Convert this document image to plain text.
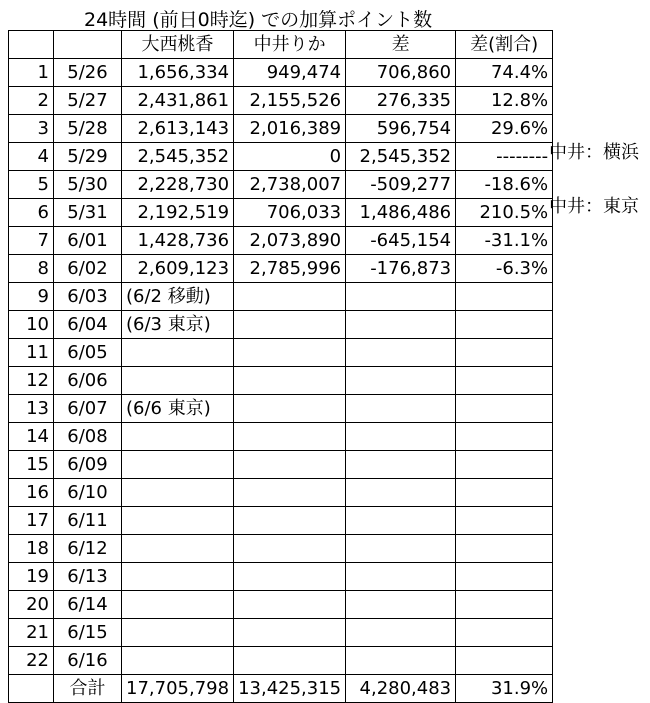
24時間 (前日0時迄) での加算ポイント数
		大西桃香	中井りか	差	差(割合)
1	5/26	1,656,334	949,474	706,860	74.4%
2	5/27	2,431,861	2,155,526	276,335	12.8%
3	5/28	2,613,143	2,016,389	596,754	29.6%
4	5/29	2,545,352	0	2,545,352	--------
5	5/30	2,228,730	2,738,007	-509,277	-18.6%
6	5/31	2,192,519	706,033	1,486,486	210.5%
7	6/01	1,428,736	2,073,890	-645,154	-31.1%
8	6/02	2,609,123	2,785,996	-176,873	-6.3%
9	6/03	(6/2 移動)			
10	6/04	(6/3 東京)			
11	6/05				
12	6/06				
13	6/07	(6/6 東京)			
14	6/08				
15	6/09				
16	6/10				
17	6/11				
18	6/12				
19	6/13				
20	6/14				
21	6/15				
22	6/16				
	合計	17,705,798	13,425,315	4,280,483	31.9%
中井：横浜
中井：東京
